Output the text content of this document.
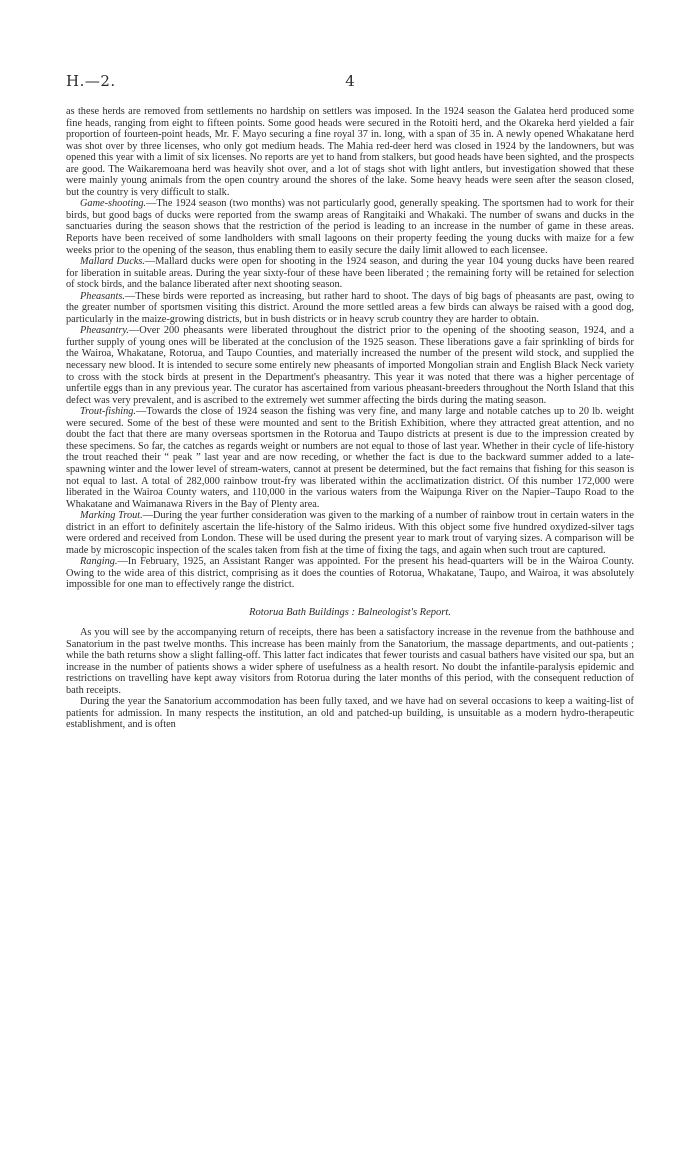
H.—2.	4

as these herds are removed from settlements no hardship on settlers was imposed. In the 1924 season the Galatea herd produced some fine heads, ranging from eight to fifteen points. Some good heads were secured in the Rotoiti herd, and the Okareka herd yielded a fair proportion of fourteen-point heads, Mr. F. Mayo securing a fine royal 37 in. long, with a span of 35 in. A newly opened Whakatane herd was shot over by three licenses, who only got medium heads. The Mahia red-deer herd was closed in 1924 by the landowners, but was opened this year with a limit of six licenses. No reports are yet to hand from stalkers, but good heads have been sighted, and the prospects are good. The Waikaremoana herd was heavily shot over, and a lot of stags shot with light antlers, but investigation showed that these were mainly young animals from the open country around the shores of the lake. Some heavy heads were seen after the season closed, but the country is very difficult to stalk.

Game-shooting.—The 1924 season (two months) was not particularly good, generally speaking. The sportsmen had to work for their birds, but good bags of ducks were reported from the swamp areas of Rangitaiki and Whakaki. The number of swans and ducks in the sanctuaries during the season shows that the restriction of the period is leading to an increase in the number of game in these areas. Reports have been received of some landholders with small lagoons on their property feeding the young ducks with maize for a few weeks prior to the opening of the season, thus enabling them to easily secure the daily limit allowed to each licensee.

Mallard Ducks.—Mallard ducks were open for shooting in the 1924 season, and during the year 104 young ducks have been reared for liberation in suitable areas. During the year sixty-four of these have been liberated ; the remaining forty will be retained for selection of stock birds, and the balance liberated after next shooting season.

Pheasants.—These birds were reported as increasing, but rather hard to shoot. The days of big bags of pheasants are past, owing to the greater number of sportsmen visiting this district. Around the more settled areas a few birds can always be raised with a good dog, particularly in the maize-growing districts, but in bush districts or in heavy scrub country they are harder to obtain.

Pheasantry.—Over 200 pheasants were liberated throughout the district prior to the opening of the shooting season, 1924, and a further supply of young ones will be liberated at the conclusion of the 1925 season. These liberations gave a fair sprinkling of birds for the Wairoa, Whakatane, Rotorua, and Taupo Counties, and materially increased the number of the present wild stock, and supplied the necessary new blood. It is intended to secure some entirely new pheasants of imported Mongolian strain and English Black Neck variety to cross with the stock birds at present in the Department's pheasantry. This year it was noted that there was a higher percentage of unfertile eggs than in any previous year. The curator has ascertained from various pheasant-breeders throughout the North Island that this defect was very prevalent, and is ascribed to the extremely wet summer affecting the birds during the mating season.

Trout-fishing.—Towards the close of 1924 season the fishing was very fine, and many large and notable catches up to 20 lb. weight were secured. Some of the best of these were mounted and sent to the British Exhibition, where they attracted great attention, and no doubt the fact that there are many overseas sportsmen in the Rotorua and Taupo districts at present is due to the impression created by these specimens. So far, the catches as regards weight or numbers are not equal to those of last year. Whether in their cycle of life-history the trout reached their “ peak ” last year and are now receding, or whether the fact is due to the backward summer added to a late-spawning winter and the lower level of stream-waters, cannot at present be determined, but the fact remains that fishing for this season is not equal to last. A total of 282,000 rainbow trout-fry was liberated within the acclimatization district. Of this number 172,000 were liberated in the Wairoa County waters, and 110,000 in the various waters from the Waipunga River on the Napier–Taupo Road to the Whakatane and Waimanawa Rivers in the Bay of Plenty area.

Marking Trout.—During the year further consideration was given to the marking of a number of rainbow trout in certain waters in the district in an effort to definitely ascertain the life-history of the Salmo irideus. With this object some five hundred oxydized-silver tags were ordered and received from London. These will be used during the present year to mark trout of varying sizes. A comparison will be made by microscopic inspection of the scales taken from fish at the time of fixing the tags, and again when such trout are captured.

Ranging.—In February, 1925, an Assistant Ranger was appointed. For the present his head-quarters will be in the Wairoa County. Owing to the wide area of this district, comprising as it does the counties of Rotorua, Whakatane, Taupo, and Wairoa, it was absolutely impossible for one man to effectively range the district.

Rotorua Bath Buildings : Balneologist's Report.

As you will see by the accompanying return of receipts, there has been a satisfactory increase in the revenue from the bathhouse and Sanatorium in the past twelve months. This increase has been mainly from the Sanatorium, the massage departments, and out-patients ; while the bath returns show a slight falling-off. This latter fact indicates that fewer tourists and casual bathers have visited our spa, but an increase in the number of patients shows a wider sphere of usefulness as a health resort. No doubt the infantile-paralysis epidemic and restrictions on travelling have kept away visitors from Rotorua during the later months of this period, with the consequent reduction of bath receipts.

During the year the Sanatorium accommodation has been fully taxed, and we have had on several occasions to keep a waiting-list of patients for admission. In many respects the institution, an old and patched-up building, is unsuitable as a modern hydro-therapeutic establishment, and is often
